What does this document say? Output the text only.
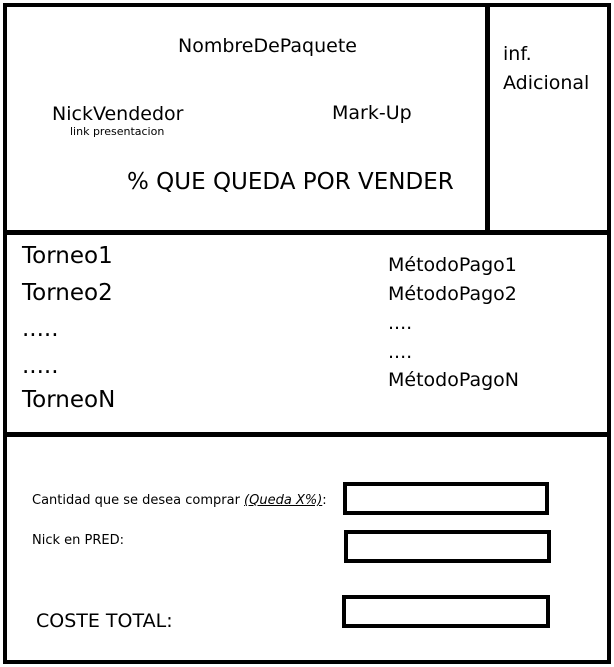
NombreDePaquete
NickVendedor
link presentacion
Mark-Up
% QUE QUEDA POR VENDER
inf. Adicional
Torneo1
Torneo2
.....
.....
TorneoN
MétodoPago1
MétodoPago2
....
....
MétodoPagoN
Cantidad que se desea comprar (Queda X%):
Nick en PRED:
COSTE TOTAL:
